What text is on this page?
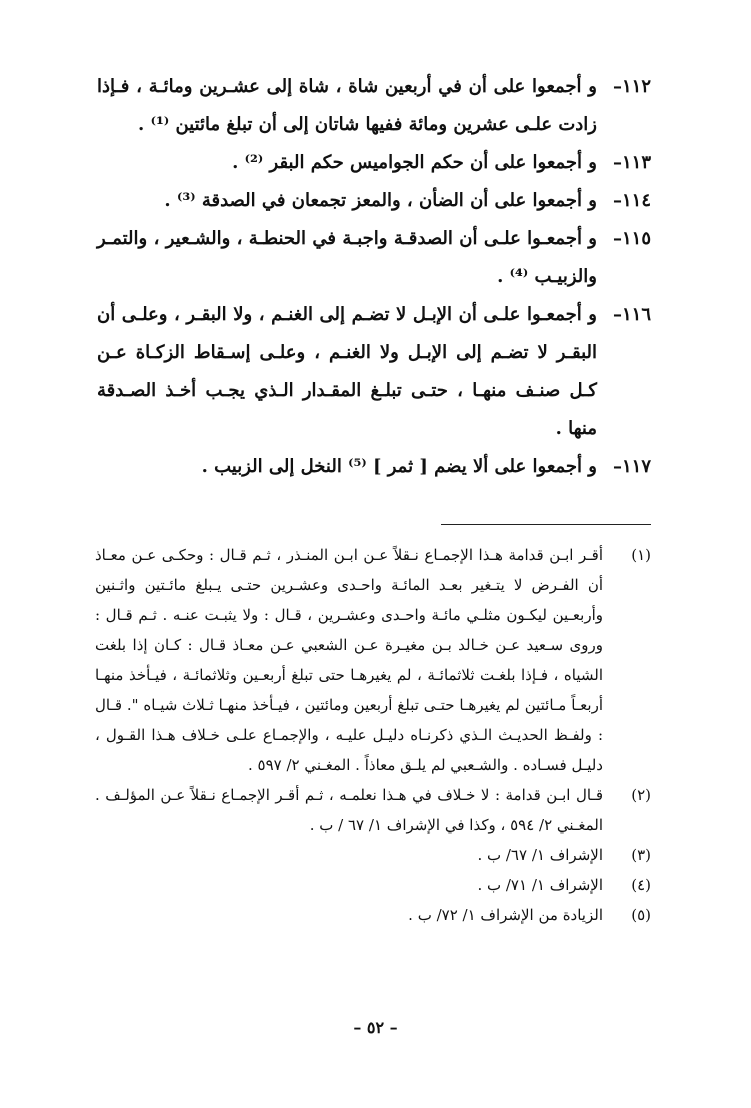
١١٢–
و أجمعوا على أن في أربعين شاة ، شاة إلى عشـرين ومائـة ، فـإذا زادت علـى عشرين ومائة ففيها شاتان إلى أن تبلغ مائتين ⁽¹⁾ .
١١٣–
و أجمعوا على أن حكم الجواميس حكم البقر ⁽²⁾ .
١١٤–
و أجمعوا على أن الضأن ، والمعز تجمعان في الصدقة ⁽³⁾ .
١١٥–
و أجمعـوا علـى أن الصدقـة واجبـة في الحنطـة ، والشـعير ، والتمـر والزبيـب ⁽⁴⁾ .
١١٦–
و أجمعـوا علـى أن الإبـل لا تضـم إلى الغنـم ، ولا البقـر ، وعلـى أن البقـر لا تضـم إلى الإبـل ولا الغنـم ، وعلـى إسـقاط الزكـاة عـن كـل صنـف منهـا ، حتـى تبلـغ المقـدار الـذي يجـب أخـذ الصـدقة منها .
١١٧–
و أجمعوا على ألا يضم [ ثمر ] ⁽⁵⁾ النخل إلى الزبيب .
(١)
أقـر ابـن قدامة هـذا الإجمـاع نـقلاً عـن ابـن المنـذر ، ثـم قـال : وحكـى عـن معـاذ أن الفـرض لا يتـغير بعـد المائـة واحـدى وعشـرين حتـى يـبلغ مائـتين واثـنين وأربعـين ليكـون مثلـي مائـة واحـدى وعشـرين ، قـال : ولا يثبـت عنـه . ثـم قـال : وروى سـعيد عـن خـالد بـن مغيـرة عـن الشعبي عـن معـاذ قـال : كـان إذا بلغت الشياه ، فـإذا بلغـت ثلاثمائـة ، لم يغيرهـا حتى تبلغ أربعـين وثلاثمائـة ، فيـأخذ منهـا أربعـاً مـائتين لم يغيرهـا حتـى تبلغ أربعين ومائتين ، فيـأخذ منهـا ثـلاث شيـاه ". قـال : ولفـظ الحديـث الـذي ذكرنـاه دليـل عليـه ، والإجمـاع علـى خـلاف هـذا القـول ، دليـل فسـاده . والشـعبي لم يلـق معاذاً . المغـني ٢/ ٥٩٧ .
(٢)
قـال ابـن قدامة : لا خـلاف في هـذا نعلمـه ، ثـم أقـر الإجمـاع نـقلاً عـن المؤلـف . المغـني ٢/ ٥٩٤ ، وكذا في الإشراف ١/ ٦٧ / ب .
(٣)
الإشراف ١/ ٦٧/ ب .
(٤)
الإشراف ١/ ٧١/ ب .
(٥)
الزيادة من الإشراف ١/ ٧٢/ ب .
– ٥٢ –
